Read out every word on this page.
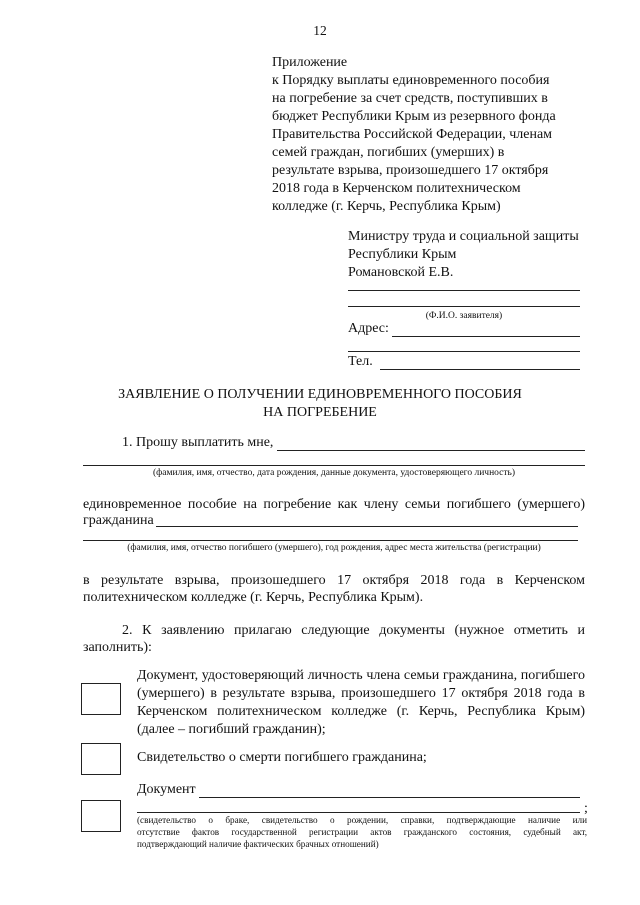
12
Приложение
к Порядку выплаты единовременного пособия
на погребение за счет средств, поступивших в
бюджет Республики Крым из резервного фонда
Правительства Российской Федерации, членам
семей граждан, погибших (умерших) в
результате взрыва, произошедшего 17 октября
2018 года в Керченском политехническом
колледже (г. Керчь, Республика Крым)
Министру труда и социальной защиты
Республики Крым
Романовской Е.В.
(Ф.И.О. заявителя)
Адрес:
Тел.
ЗАЯВЛЕНИЕ О ПОЛУЧЕНИИ ЕДИНОВРЕМЕННОГО ПОСОБИЯ
НА ПОГРЕБЕНИЕ
1. Прошу выплатить мне,
(фамилия, имя, отчество, дата рождения, данные документа, удостоверяющего личность)
единовременное пособие на погребение как члену семьи погибшего (умершего)
гражданина
(фамилия, имя, отчество погибшего (умершего), год рождения, адрес места жительства (регистрации)
в результате взрыва, произошедшего 17 октября 2018 года в Керченском
политехническом колледже (г. Керчь, Республика Крым).
2. К заявлению прилагаю следующие документы (нужное отметить и
заполнить):
Документ, удостоверяющий личность члена семьи гражданина, погибшего
(умершего) в результате взрыва, произошедшего 17 октября 2018 года в
Керченском политехническом колледже (г. Керчь, Республика Крым)
(далее – погибший гражданин);
Свидетельство о смерти погибшего гражданина;
Документ
;
(свидетельство о браке, свидетельство о рождении, справки, подтверждающие наличие или
отсутствие фактов государственной регистрации актов гражданского состояния, судебный акт,
подтверждающий наличие фактических брачных отношений)
